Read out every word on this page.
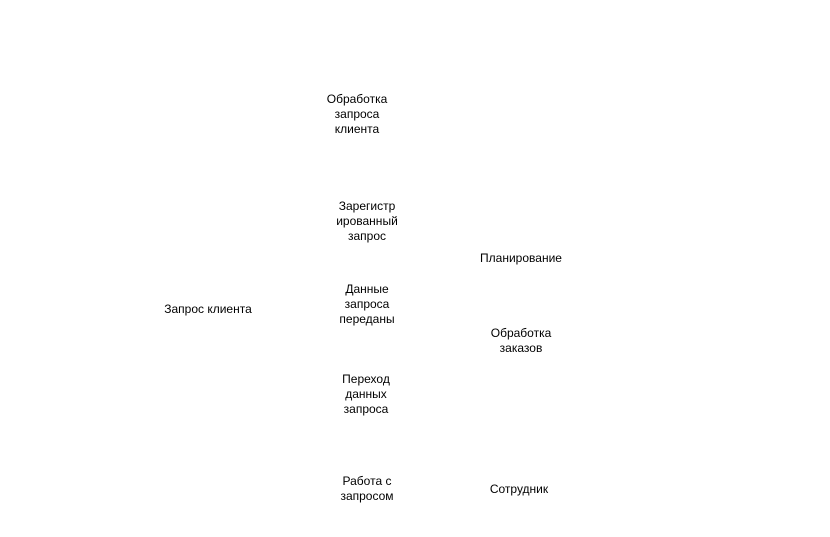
Обработка
запроса
клиента
Зарегистр
ированный
запрос
Планирование
Запрос клиента
Данные
запроса
переданы
Обработка
заказов
Переход
данных
запроса
Работа с
запросом	Сотрудник
